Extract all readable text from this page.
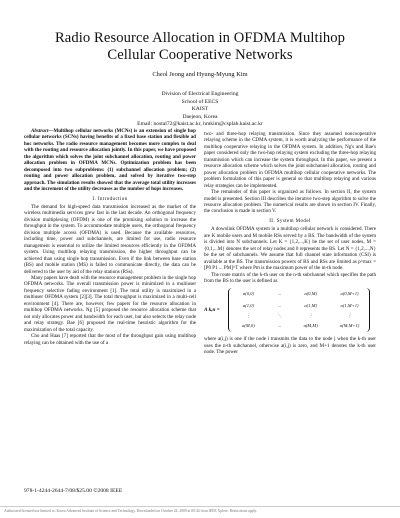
Radio Resource Allocation in OFDMA Multihop
Cellular Cooperative Networks
Cheol Jeong and Hyung-Myung Kim
Division of Electrical Engineering
School of EECS
KAIST
Daejeon, Korea
Email: nostal72@kaist.ac.kr, hmkim@csplah.kaist.ac.kr

Abstract—Multihop cellular networks (MCNs) is an extension of single hop cellular networks (SCNs) having benefits of a fixed base station and flexible ad hoc networks. The radio resource management becomes more complex to deal with the routing and resource allocation jointly. In this paper, we have proposed the algorithm which solves the joint subchannel allocation, routing and power allocation problem in OFDMA MCNs. Optimization problem has been decomposed into two subproblems: (1) subchannel allocation problem; (2) routing and power allocation problem, and solved by iterative two-step approach. The simulation results showed that the average total utility increases and the increment of the utility decreases as the number of hops increases.

I. Introduction

The demand for high-speed data transmission increased as the market of the wireless multimedia services grew fast in the last decade. An orthogonal frequency division multiplexing (OFDM) is one of the promising solution to increase the throughput in the system. To accommodate multiple users, the orthogonal frequency division multiple access (OFDMA) is used. Because the available resources, including time, power and subchannels, are limited for use, radio resource management is essential to utilize the limited resources efficiently in the OFDMA system. Using multihop relaying transmission, the higher throughput can be achieved than using single hop transmission. Even if the link between base station (BS) and mobile station (MS) is failed to communicate directly, the data can be delivered to the user by aid of the relay stations (RSs).

Many papers have dealt with the resource management problem in the single hop OFDMA networks. The overall transmission power is minimized in a multiuser frequency selective fading environment [1]. The total utility is maximized in a multiuser OFDMA system [2][3]. The total throughput is maximized in a multi-cell environment [4]. There are, however, few papers for the resource allocation in multihop OFDMA networks. Ng [5] proposed the resource allocation scheme that not only allocates power and bandwidth for each user, but also selects the relay node and relay strategy. Bae [6] proposed the real-time heuristic algorithm for the maximization of the total capacity.

Cho and Haas [7] reported that the most of the throughput gain using multihop relaying can be obtained with the use of a

two- and three-hop relaying transmission. Since they assumed noncooperative relaying scheme in the CDMA system, it is worth analyzing the performance of the multihop cooperative relaying in the OFDMA system. In addition, Ng's and Bae's paper considered only the two-hop relaying system excluding the three-hop relaying transmission which can increase the system throughput. In this paper, we present a resource allocation scheme which solves the joint subchannel allocation, routing and power allocation problem in OFDMA multihop cellular cooperative networks. The problem formulation of this paper is general so that multihop relaying and various relay strategies can be implemented.

The remainder of this paper is organized as follows. In section II, the system model is presented. Section III describes the iterative two-step algorithm to solve the resource allocation problem. The numerical results are shown in section IV. Finally, the conclusion is made in section V.

II. System Model

A downlink OFDMA system in a multihop cellular network is considered. There are K mobile users and M mobile RSs served by a BS. The bandwidth of the system is divided into N subchannels. Let K = {1,2,...,K} be the set of user nodes, M = {0,1,...M} denotes the set of relay nodes and 0 represents the BS. Let N = {1,2,...,N} be the set of subchannels. We assume that full channel state information (CSI) is available at the BS. The transmission powers of BS and RSs are limited as p^max = [P0 P1 ... PM]^T where Pm is the maximum power of the m-th node.

The route matrix of the k-th user on the n-th subchannel which specifies the path from the BS to the user is defined as

A k,n =
a(0,0)	...	a(0,M)	a(0,M+1)
a(1,0)	...	a(1,M)	a(1,M+1)
⋮	⋱	⋮	⋮
a(M,0)	...	a(M,M)	a(M,M+1)

where a(i,j) is one if the node i transmits the data to the node j when the k-th user uses the n-th subchannel, otherwise a(i,j) is zero, and M+1 denotes the k-th user node. The power

978-1-4244-2644-7/08/$25.00 ©2008 IEEE
Authorized licensed use limited to: Korea Advanced Institute of Science and Technology. Downloaded on October 24, 2009 at 00:44 from IEEE Xplore. Restrictions apply.
